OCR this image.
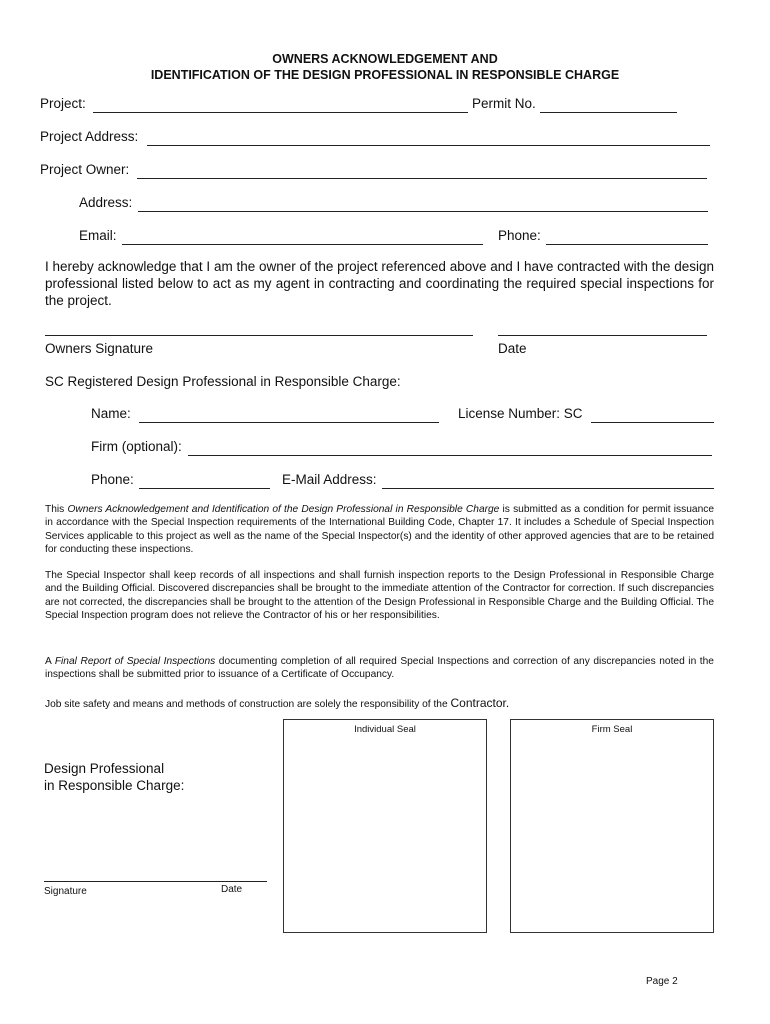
OWNERS ACKNOWLEDGEMENT AND
IDENTIFICATION OF THE DESIGN PROFESSIONAL IN RESPONSIBLE CHARGE
Project:	Permit No.
Project Address:
Project Owner:
Address:
Email:	Phone:
I hereby acknowledge that I am the owner of the project referenced above and I have contracted with the design professional listed below to act as my agent in contracting and coordinating the required special inspections for the project.
Owners Signature	Date
SC Registered Design Professional in Responsible Charge:
Name:	License Number: SC
Firm (optional):
Phone:	E-Mail Address:
This Owners Acknowledgement and Identification of the Design Professional in Responsible Charge is submitted as a condition for permit issuance in accordance with the Special Inspection requirements of the International Building Code, Chapter 17. It includes a Schedule of Special Inspection Services applicable to this project as well as the name of the Special Inspector(s) and the identity of other approved agencies that are to be retained for conducting these inspections.
The Special Inspector shall keep records of all inspections and shall furnish inspection reports to the Design Professional in Responsible Charge and the Building Official. Discovered discrepancies shall be brought to the immediate attention of the Contractor for correction. If such discrepancies are not corrected, the discrepancies shall be brought to the attention of the Design Professional in Responsible Charge and the Building Official. The Special Inspection program does not relieve the Contractor of his or her responsibilities.
A Final Report of Special Inspections documenting completion of all required Special Inspections and correction of any discrepancies noted in the inspections shall be submitted prior to issuance of a Certificate of Occupancy.
Job site safety and means and methods of construction are solely the responsibility of the Contractor.
Individual Seal	Firm Seal
Design Professional
in Responsible Charge:
Signature	Date
Page 2
